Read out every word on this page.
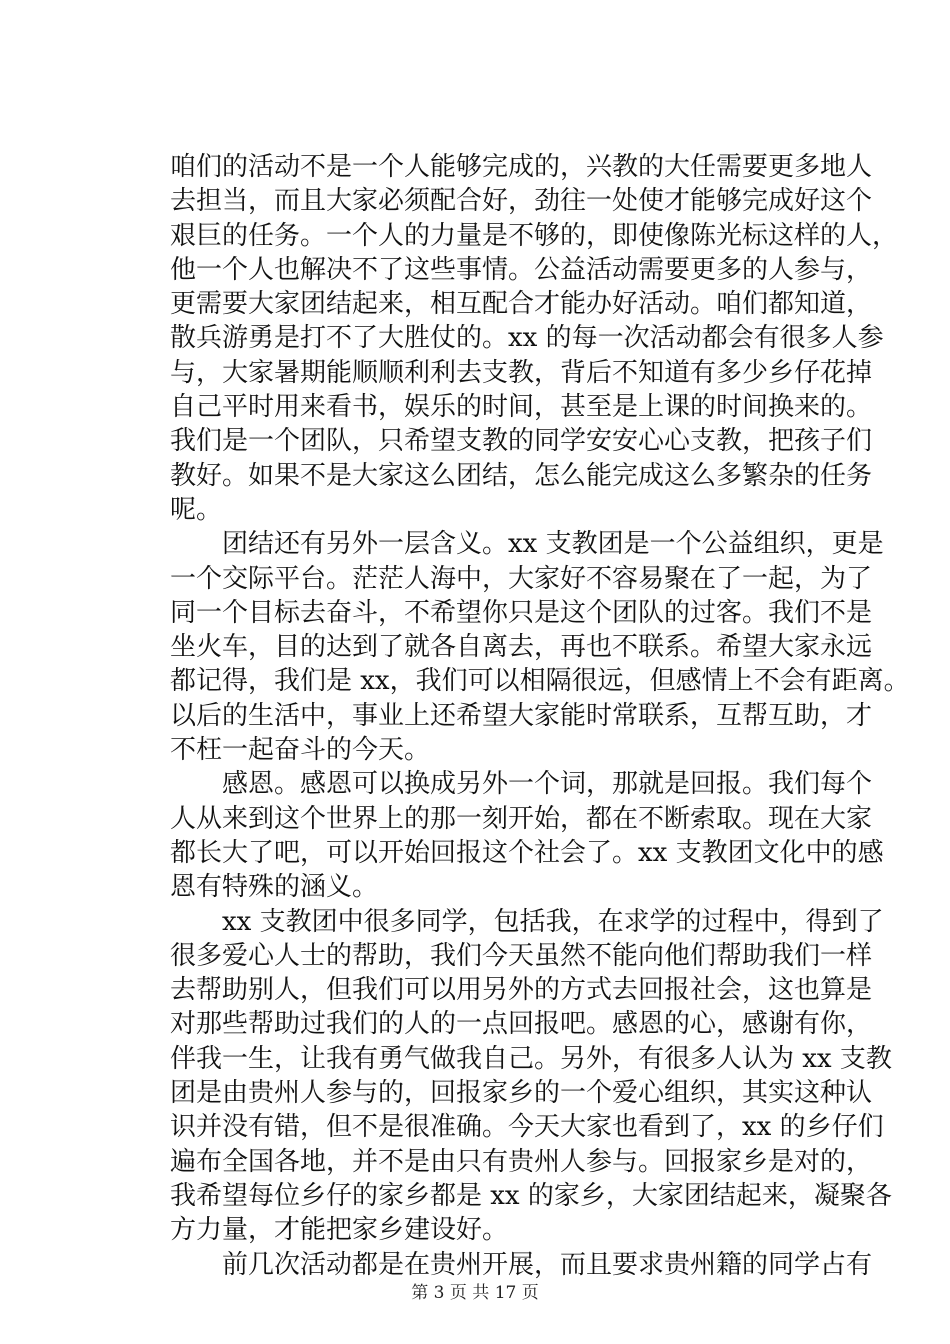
咱们的活动不是一个人能够完成的，兴教的大任需要更多地人
去担当，而且大家必须配合好，劲往一处使才能够完成好这个
艰巨的任务。一个人的力量是不够的，即使像陈光标这样的人，
他一个人也解决不了这些事情。公益活动需要更多的人参与，
更需要大家团结起来，相互配合才能办好活动。咱们都知道，
散兵游勇是打不了大胜仗的。xx 的每一次活动都会有很多人参
与，大家暑期能顺顺利利去支教，背后不知道有多少乡仔花掉
自己平时用来看书，娱乐的时间，甚至是上课的时间换来的。
我们是一个团队，只希望支教的同学安安心心支教，把孩子们
教好。如果不是大家这么团结，怎么能完成这么多繁杂的任务
呢。
团结还有另外一层含义。xx 支教团是一个公益组织，更是
一个交际平台。茫茫人海中，大家好不容易聚在了一起，为了
同一个目标去奋斗，不希望你只是这个团队的过客。我们不是
坐火车，目的达到了就各自离去，再也不联系。希望大家永远
都记得，我们是 xx，我们可以相隔很远，但感情上不会有距离。
以后的生活中，事业上还希望大家能时常联系，互帮互助，才
不枉一起奋斗的今天。
感恩。感恩可以换成另外一个词，那就是回报。我们每个
人从来到这个世界上的那一刻开始，都在不断索取。现在大家
都长大了吧，可以开始回报这个社会了。xx 支教团文化中的感
恩有特殊的涵义。
xx 支教团中很多同学，包括我，在求学的过程中，得到了
很多爱心人士的帮助，我们今天虽然不能向他们帮助我们一样
去帮助别人，但我们可以用另外的方式去回报社会，这也算是
对那些帮助过我们的人的一点回报吧。感恩的心，感谢有你，
伴我一生，让我有勇气做我自己。另外，有很多人认为 xx 支教
团是由贵州人参与的，回报家乡的一个爱心组织，其实这种认
识并没有错，但不是很准确。今天大家也看到了，xx 的乡仔们
遍布全国各地，并不是由只有贵州人参与。回报家乡是对的，
我希望每位乡仔的家乡都是 xx 的家乡，大家团结起来，凝聚各
方力量，才能把家乡建设好。
前几次活动都是在贵州开展，而且要求贵州籍的同学占有
第 3 页 共 17 页
